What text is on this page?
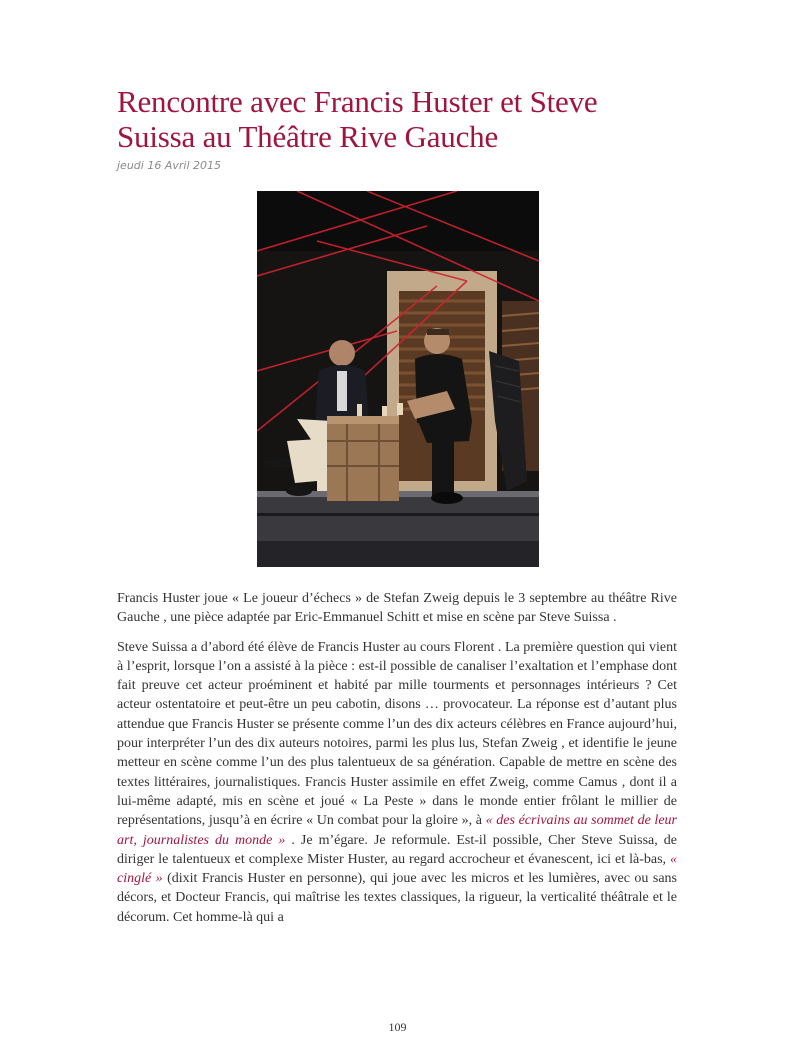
Rencontre avec Francis Huster et Steve Suissa au Théâtre Rive Gauche
jeudi 16 Avril 2015

Francis Huster joue « Le joueur d’échecs » de Stefan Zweig depuis le 3 septembre au théâtre Rive Gauche , une pièce adaptée par Eric-Emmanuel Schitt et mise en scène par Steve Suissa .

Steve Suissa a d’abord été élève de Francis Huster au cours Florent . La première question qui vient à l’esprit, lorsque l’on a assisté à la pièce : est-il possible de canaliser l’exaltation et l’emphase dont fait preuve cet acteur proéminent et habité par mille tourments et personnages intérieurs ? Cet acteur ostentatoire et peut-être un peu cabotin, disons … provocateur. La réponse est d’autant plus attendue que Francis Huster se présente comme l’un des dix acteurs célèbres en France aujourd’hui, pour interpréter l’un des dix auteurs notoires, parmi les plus lus, Stefan Zweig , et identifie le jeune metteur en scène comme l’un des plus talentueux de sa génération. Capable de mettre en scène des textes littéraires, journalistiques. Francis Huster assimile en effet Zweig, comme Camus , dont il a lui-même adapté, mis en scène et joué « La Peste » dans le monde entier frôlant le millier de représentations, jusqu’à en écrire « Un combat pour la gloire », à « des écrivains au sommet de leur art, journalistes du monde » . Je m’égare. Je reformule. Est-il possible, Cher Steve Suissa, de diriger le talentueux et complexe Mister Huster, au regard accrocheur et évanescent, ici et là-bas, « cinglé » (dixit Francis Huster en personne), qui joue avec les micros et les lumières, avec ou sans décors, et Docteur Francis, qui maîtrise les textes classiques, la rigueur, la verticalité théâtrale et le décorum. Cet homme-là qui a

109
